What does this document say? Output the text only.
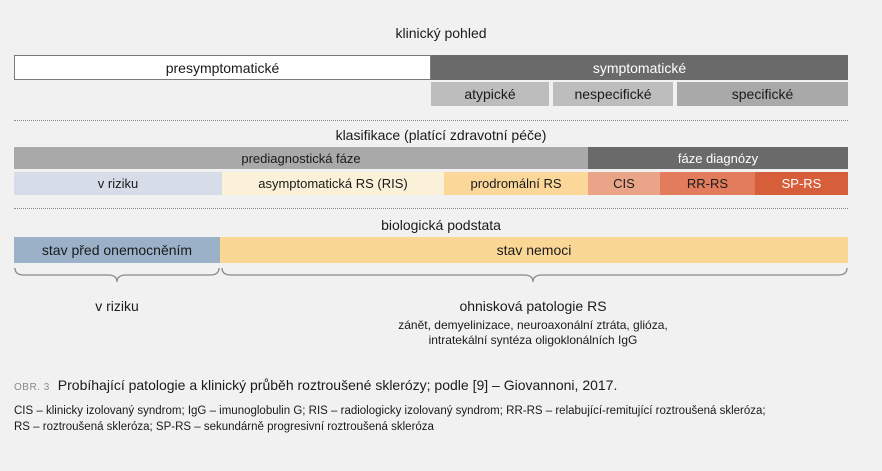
klinický pohled
presymptomatické	symptomatické
atypické	nespecifické	specifické
klasifikace (platící zdravotní péče)
prediagnostická fáze	fáze diagnózy
v riziku	asymptomatická RS (RIS)	prodromální RS	CIS	RR-RS	SP-RS
biologická podstata
stav před onemocněním	stav nemoci
v riziku	ohnisková patologie RS
zánět, demyelinizace, neuroaxonální ztráta, glióza,
intratekální syntéza oligoklonálních IgG
OBR. 3 Probíhající patologie a klinický průběh roztroušené sklerózy; podle [9] – Giovannoni, 2017.
CIS – klinicky izolovaný syndrom; IgG – imunoglobulin G; RIS – radiologicky izolovaný syndrom; RR-RS – relabující-remitující roztroušená skleróza;
RS – roztroušená skleróza; SP-RS – sekundárně progresivní roztroušená skleróza
